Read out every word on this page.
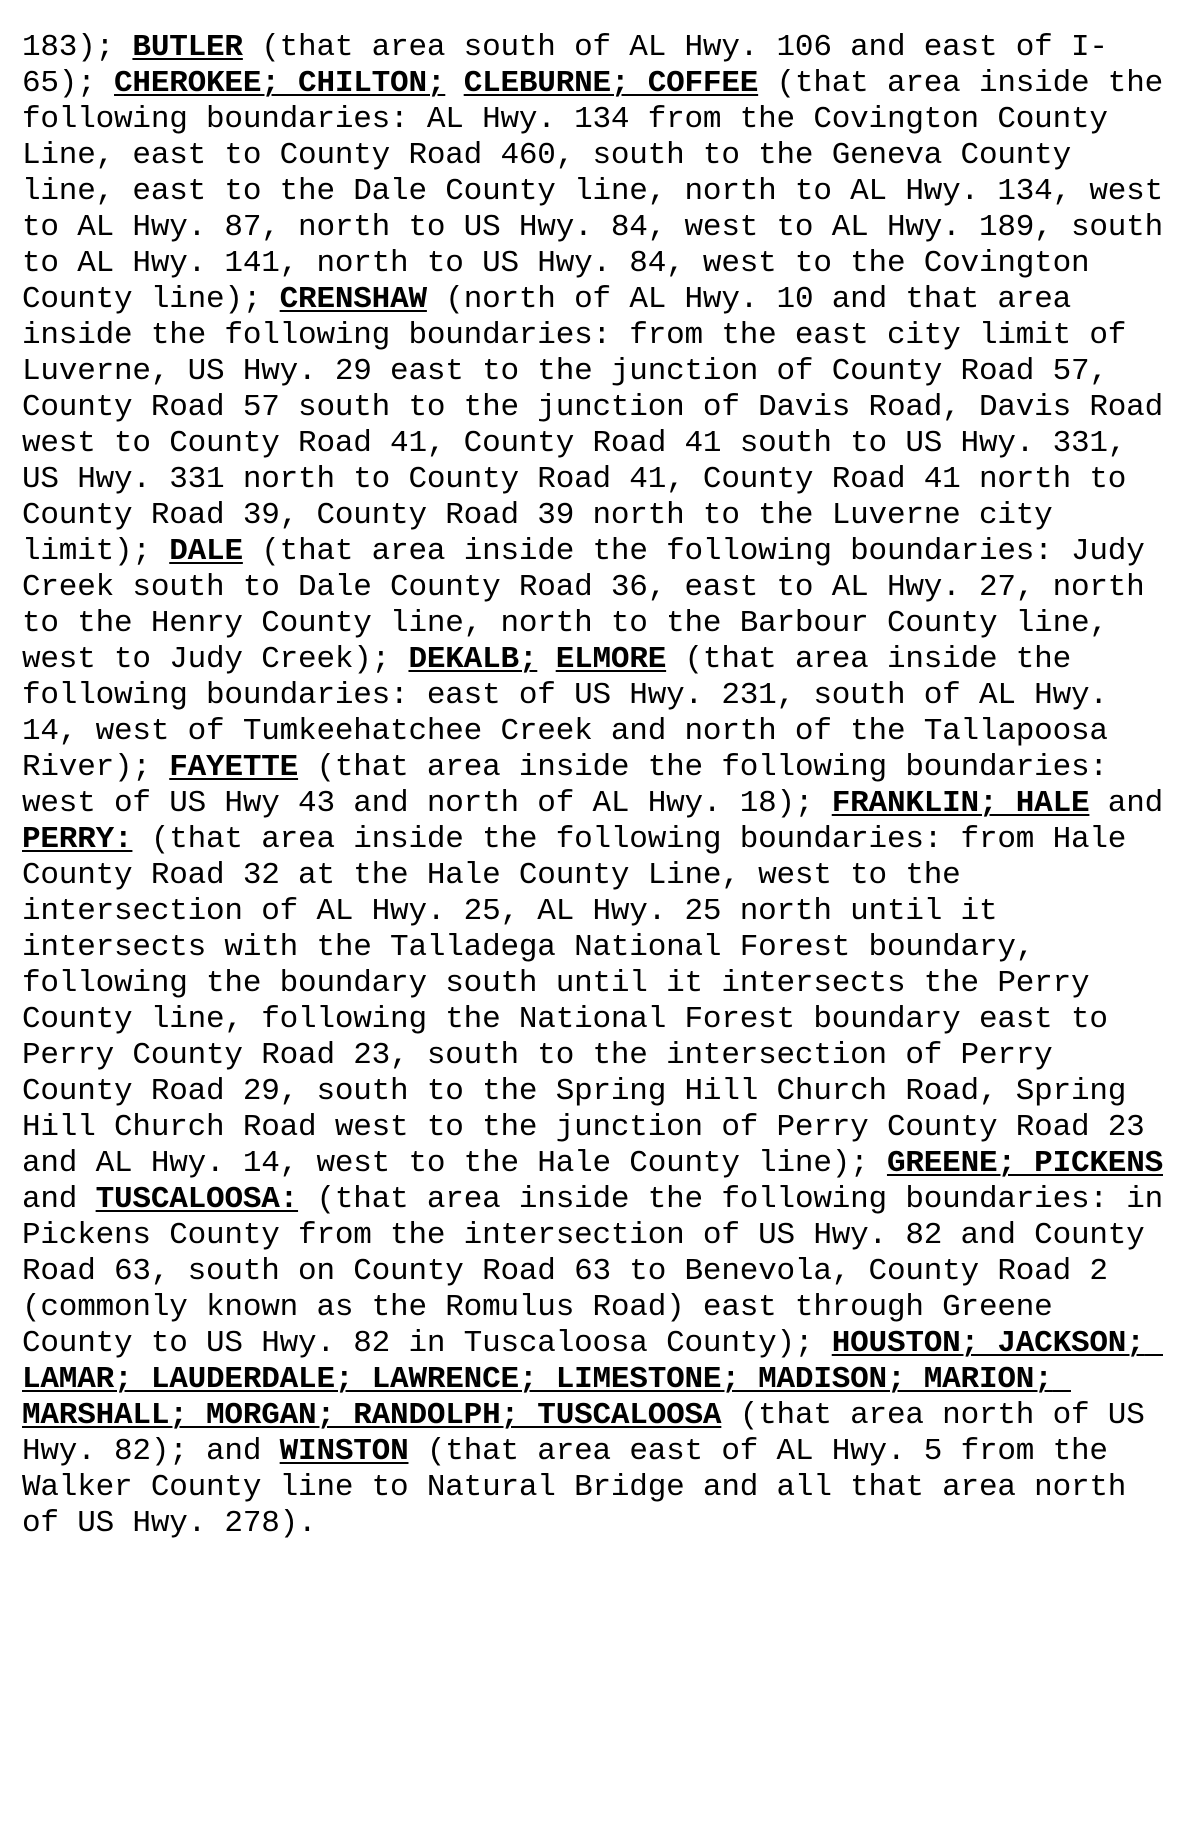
183); BUTLER (that area south of AL Hwy. 106 and east of I-65); CHEROKEE; CHILTON; CLEBURNE; COFFEE (that area inside the following boundaries: AL Hwy. 134 from the Covington County Line, east to County Road 460, south to the Geneva County line, east to the Dale County line, north to AL Hwy. 134, west to AL Hwy. 87, north to US Hwy. 84, west to AL Hwy. 189, south to AL Hwy. 141, north to US Hwy. 84, west to the Covington County line); CRENSHAW (north of AL Hwy. 10 and that area inside the following boundaries: from the east city limit of Luverne, US Hwy. 29 east to the junction of County Road 57, County Road 57 south to the junction of Davis Road, Davis Road west to County Road 41, County Road 41 south to US Hwy. 331, US Hwy. 331 north to County Road 41, County Road 41 north to County Road 39, County Road 39 north to the Luverne city limit); DALE (that area inside the following boundaries: Judy Creek south to Dale County Road 36, east to AL Hwy. 27, north to the Henry County line, north to the Barbour County line, west to Judy Creek); DEKALB; ELMORE (that area inside the following boundaries: east of US Hwy. 231, south of AL Hwy. 14, west of Tumkeehatchee Creek and north of the Tallapoosa River); FAYETTE (that area inside the following boundaries: west of US Hwy 43 and north of AL Hwy. 18); FRANKLIN; HALE and PERRY: (that area inside the following boundaries: from Hale County Road 32 at the Hale County Line, west to the intersection of AL Hwy. 25, AL Hwy. 25 north until it intersects with the Talladega National Forest boundary, following the boundary south until it intersects the Perry County line, following the National Forest boundary east to Perry County Road 23, south to the intersection of Perry County Road 29, south to the Spring Hill Church Road, Spring Hill Church Road west to the junction of Perry County Road 23 and AL Hwy. 14, west to the Hale County line); GREENE; PICKENS and TUSCALOOSA: (that area inside the following boundaries: in Pickens County from the intersection of US Hwy. 82 and County Road 63, south on County Road 63 to Benevola, County Road 2 (commonly known as the Romulus Road) east through Greene County to US Hwy. 82 in Tuscaloosa County); HOUSTON; JACKSON; LAMAR; LAUDERDALE; LAWRENCE; LIMESTONE; MADISON; MARION; MARSHALL; MORGAN; RANDOLPH; TUSCALOOSA (that area north of US Hwy. 82); and WINSTON (that area east of AL Hwy. 5 from the Walker County line to Natural Bridge and all that area north of US Hwy. 278).
